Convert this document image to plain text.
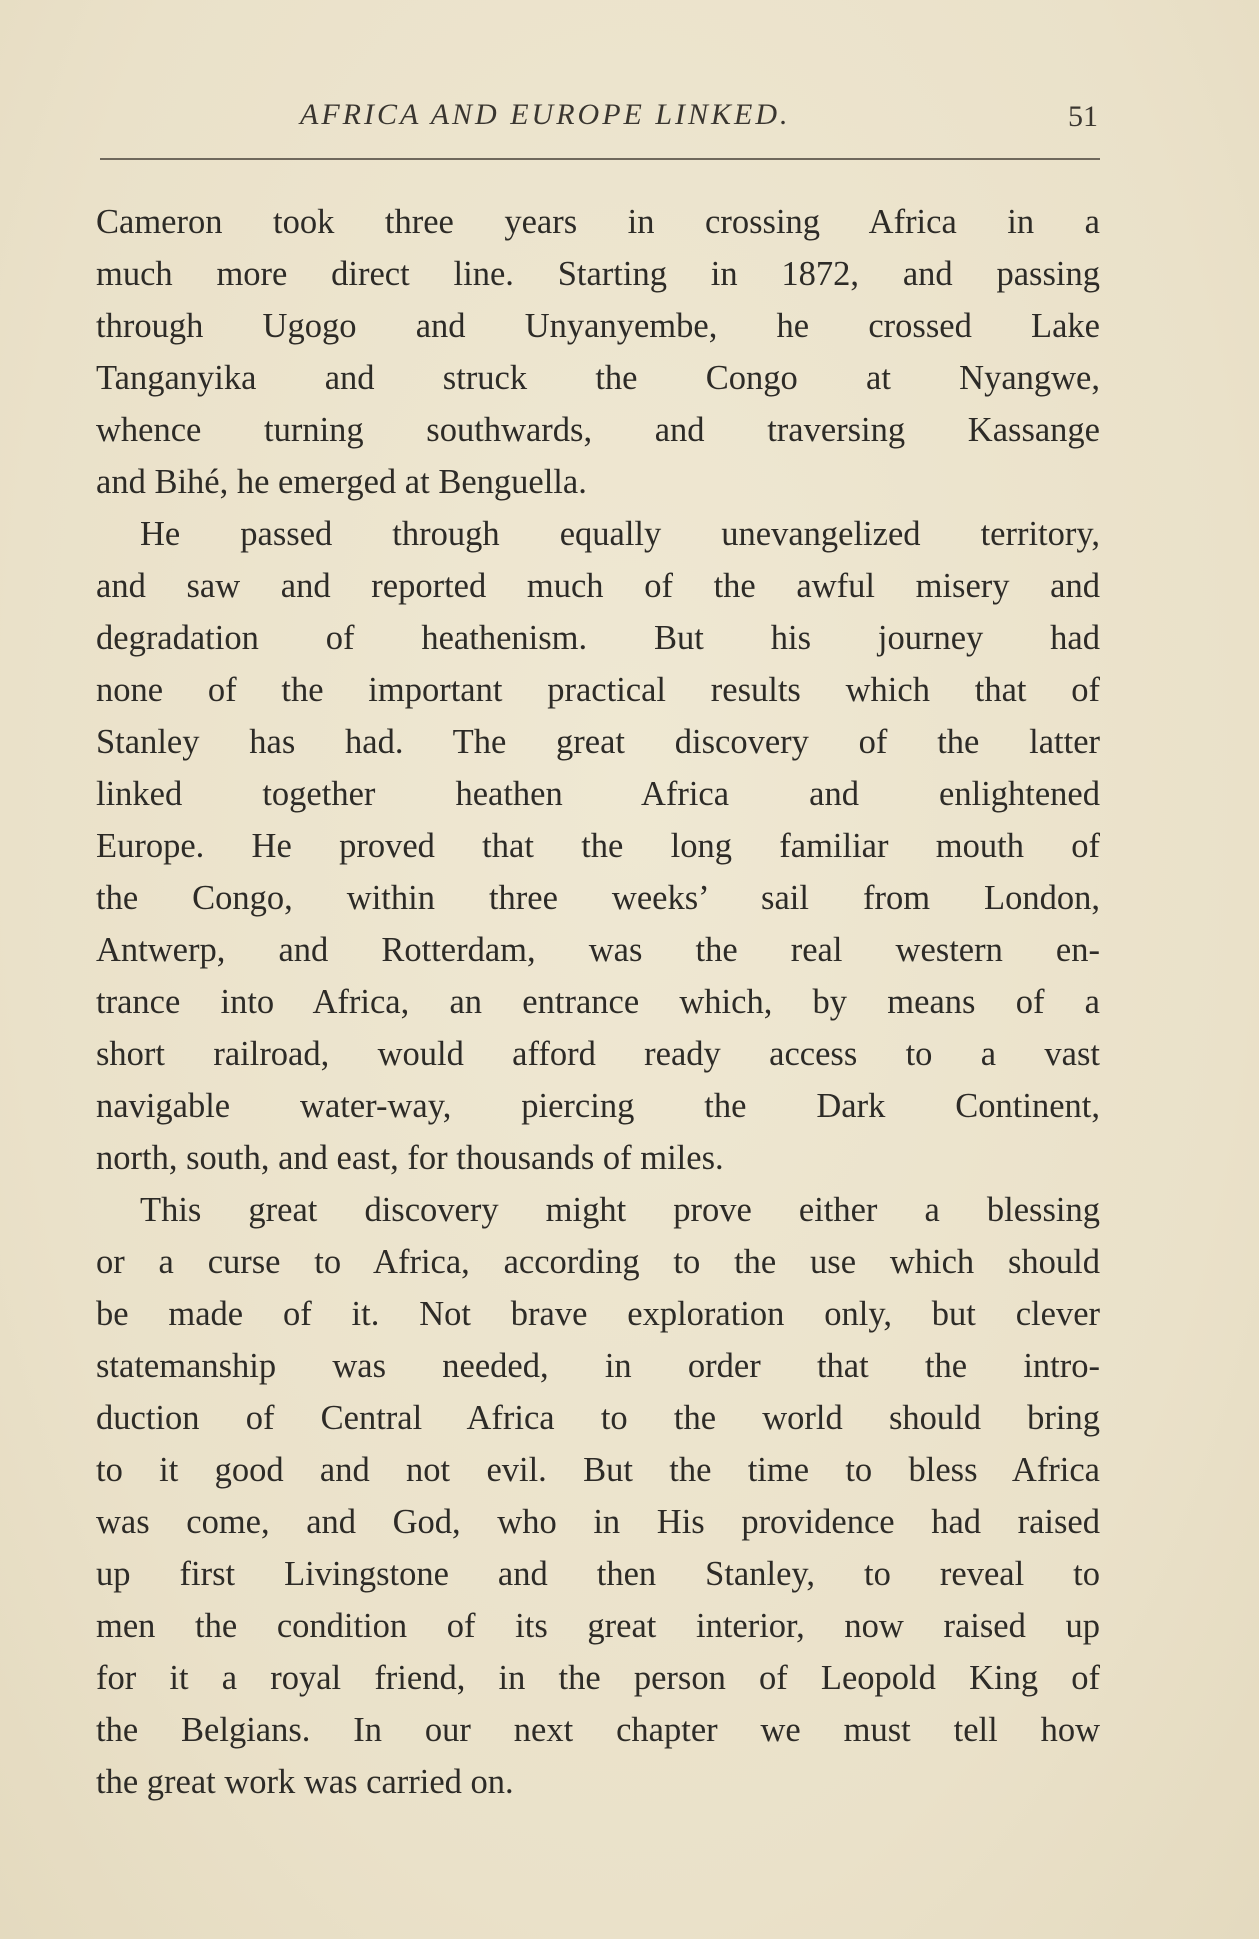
AFRICA AND EUROPE LINKED.	51
Cameron took three years in crossing Africa in a
much more direct line. Starting in 1872, and passing
through Ugogo and Unyanyembe, he crossed Lake
Tanganyika and struck the Congo at Nyangwe,
whence turning southwards, and traversing Kassange
and Bihé, he emerged at Benguella.
He passed through equally unevangelized territory,
and saw and reported much of the awful misery and
degradation of heathenism. But his journey had
none of the important practical results which that of
Stanley has had. The great discovery of the latter
linked together heathen Africa and enlightened
Europe. He proved that the long familiar mouth of
the Congo, within three weeks’ sail from London,
Antwerp, and Rotterdam, was the real western en-
trance into Africa, an entrance which, by means of a
short railroad, would afford ready access to a vast
navigable water-way, piercing the Dark Continent,
north, south, and east, for thousands of miles.
This great discovery might prove either a blessing
or a curse to Africa, according to the use which should
be made of it. Not brave exploration only, but clever
statemanship was needed, in order that the intro-
duction of Central Africa to the world should bring
to it good and not evil. But the time to bless Africa
was come, and God, who in His providence had raised
up first Livingstone and then Stanley, to reveal to
men the condition of its great interior, now raised up
for it a royal friend, in the person of Leopold King of
the Belgians. In our next chapter we must tell how
the great work was carried on.
